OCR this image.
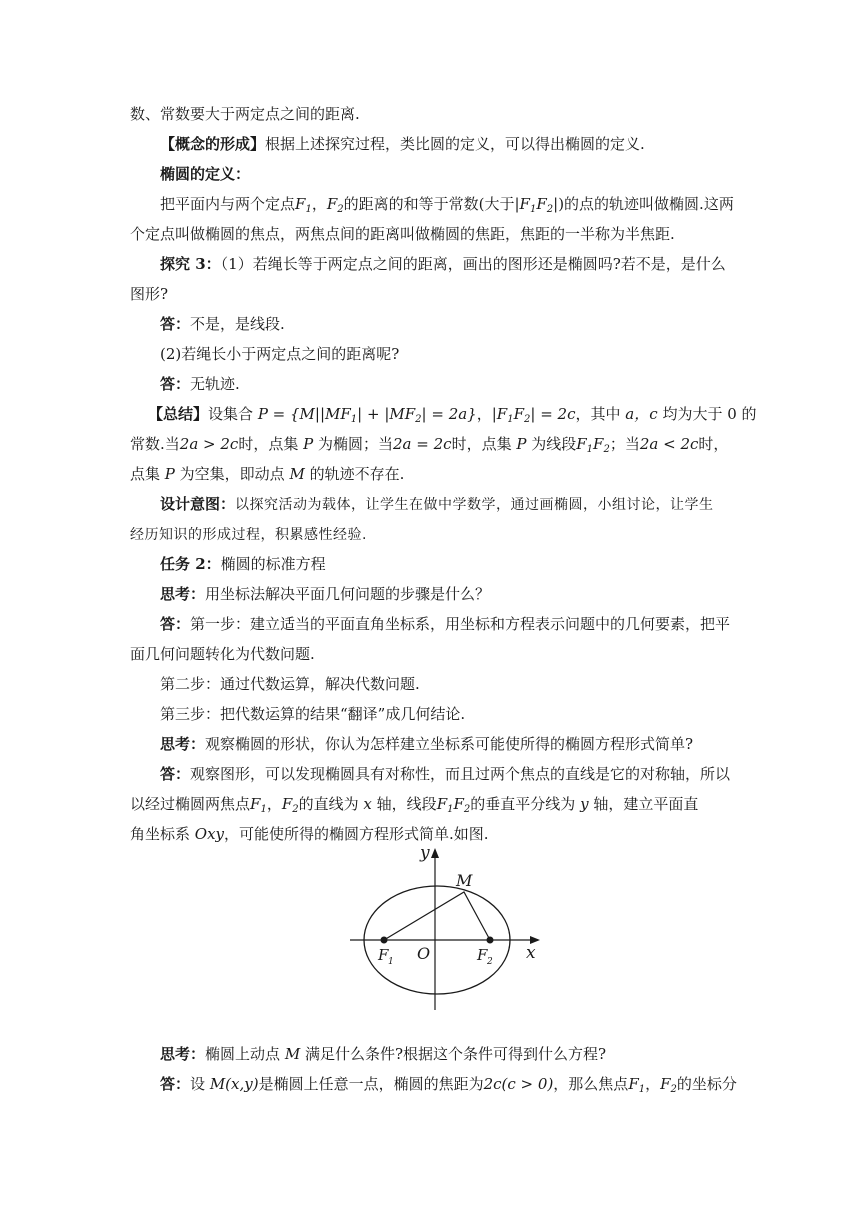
数、常数要大于两定点之间的距离.
【概念的形成】根据上述探究过程，类比圆的定义，可以得出椭圆的定义.
椭圆的定义：
把平面内与两个定点$F_1$，$F_2$的距离的和等于常数(大于$|F_1F_2|$)的点的轨迹叫做椭圆.这两
个定点叫做椭圆的焦点，两焦点间的距离叫做椭圆的焦距，焦距的一半称为半焦距.
探究 3：（1）若绳长等于两定点之间的距离，画出的图形还是椭圆吗?若不是，是什么
图形?
答：不是，是线段.
(2)若绳长小于两定点之间的距离呢?
答：无轨迹.
【总结】设集合 $P = \{M||MF_1| + |MF_2| = 2a\}$，$|F_1F_2| = 2c$，其中 a，c 均为大于 0 的
常数.当2a > 2c时，点集 P 为椭圆；当2a = 2c时，点集 P 为线段$F_1F_2$；当2a < 2c时，
点集 P 为空集，即动点 M 的轨迹不存在.
设计意图：以探究活动为载体，让学生在做中学数学，通过画椭圆，小组讨论，让学生
经历知识的形成过程，积累感性经验.
任务 2：椭圆的标准方程
思考：用坐标法解决平面几何问题的步骤是什么？
答：第一步：建立适当的平面直角坐标系，用坐标和方程表示问题中的几何要素，把平
面几何问题转化为代数问题.
第二步：通过代数运算，解决代数问题.
第三步：把代数运算的结果“翻译”成几何结论.
思考：观察椭圆的形状，你认为怎样建立坐标系可能使所得的椭圆方程形式简单?
答：观察图形，可以发现椭圆具有对称性，而且过两个焦点的直线是它的对称轴，所以
以经过椭圆两焦点$F_1$，$F_2$的直线为 x 轴，线段$F_1F_2$的垂直平分线为 y 轴，建立平面直
角坐标系 Oxy，可能使所得的椭圆方程形式简单.如图.
y
x
M
O
F 1	F 2
思考：椭圆上动点 M 满足什么条件?根据这个条件可得到什么方程?
答：设 M(x,y)是椭圆上任意一点，椭圆的焦距为2c(c > 0)，那么焦点$F_1$，$F_2$的坐标分
